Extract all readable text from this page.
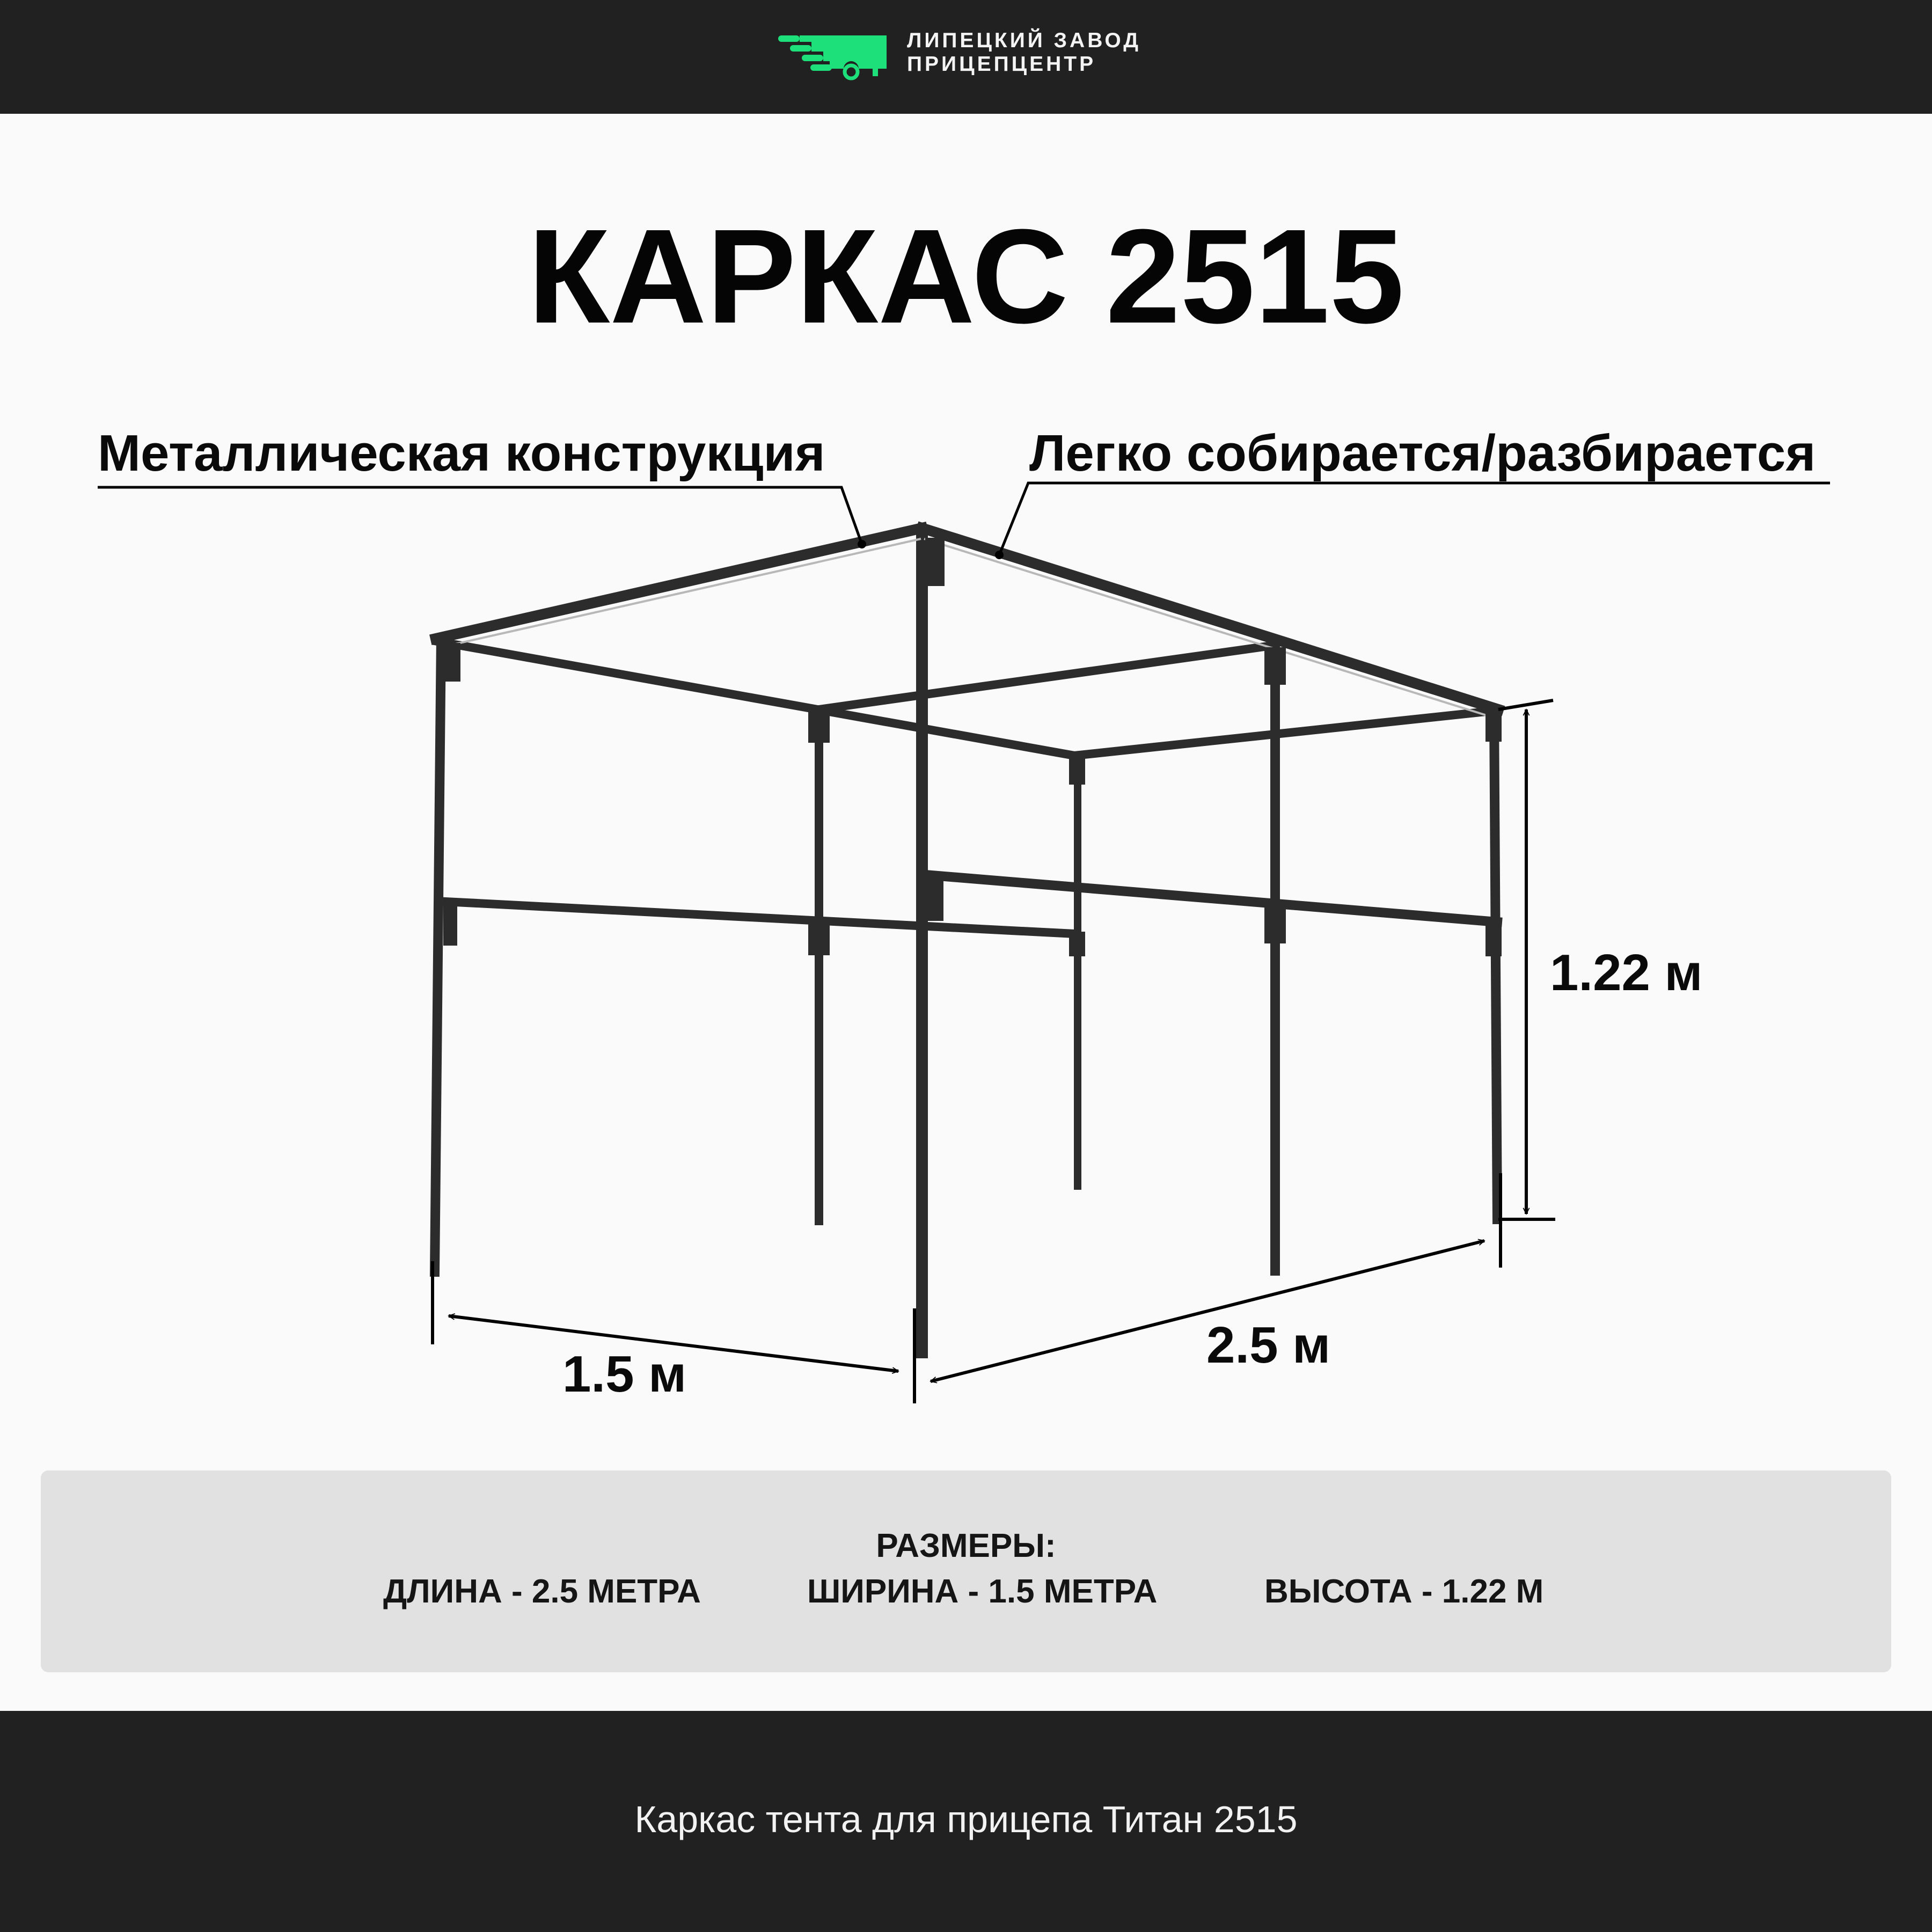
ЛИПЕЦКИЙ ЗАВОД
ПРИЦЕПЦЕНТР
КАРКАС 2515
Металлическая конструкция	Легко собирается/разбирается
1.5 м
2.5 м
1.22 м
РАЗМЕРЫ:
ДЛИНА - 2.5 МЕТРА	ШИРИНА - 1.5 МЕТРА	ВЫСОТА - 1.22 М
Каркас тента для прицепа Титан 2515
